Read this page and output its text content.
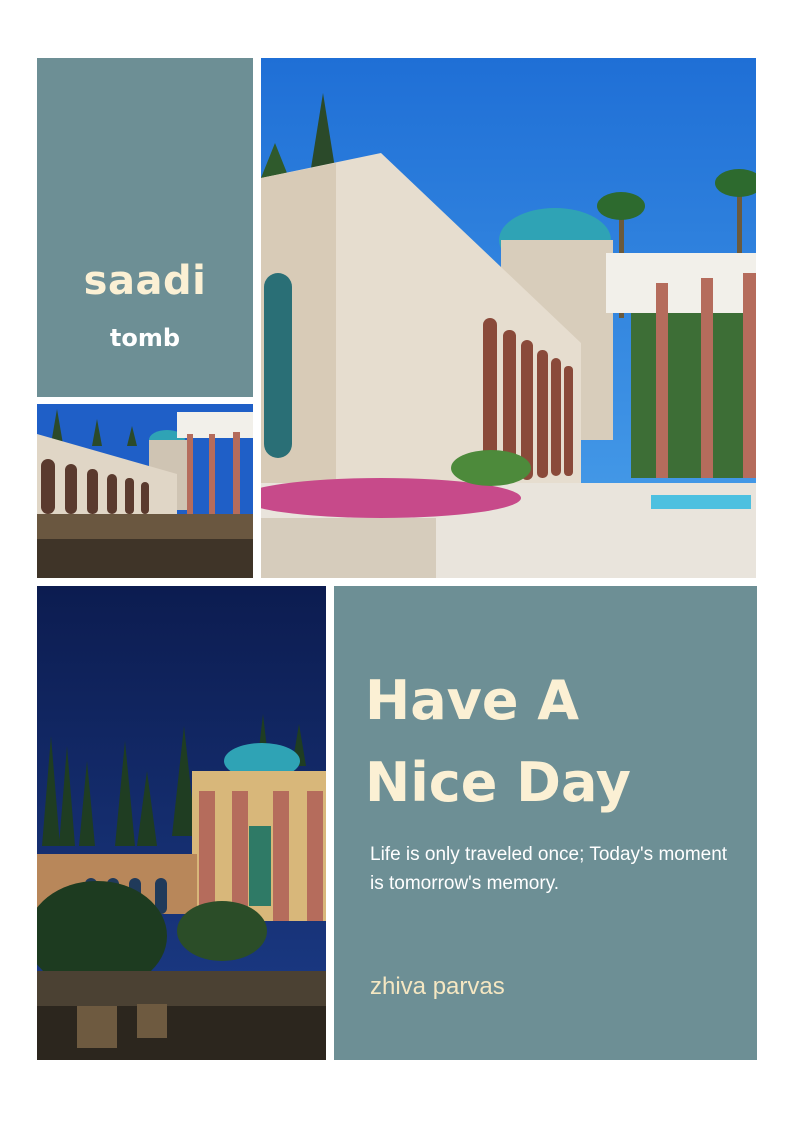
saadi
tomb
Have A
Nice Day
Life is only traveled once; Today's moment is tomorrow's memory.
zhiva parvas
